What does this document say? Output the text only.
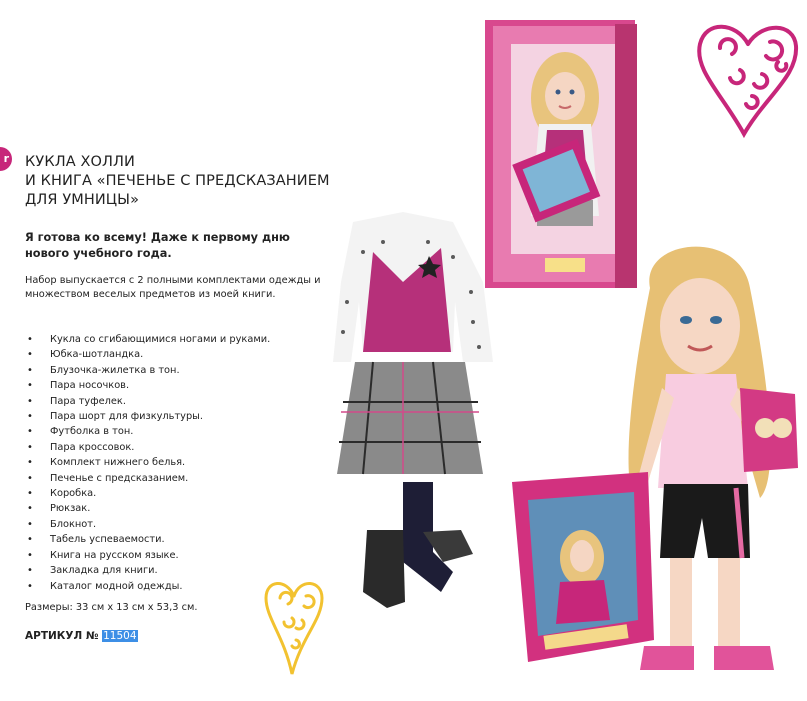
r КУКЛА ХОЛЛИ
И КНИГА «ПЕЧЕНЬЕ С ПРЕДСКАЗАНИЕМ
ДЛЯ УМНИЦЫ»
Я готова ко всему! Даже к первому дню нового учебного года.
Набор выпускается с 2 полными комплектами одежды и множеством веселых предметов из моей книги.
• Кукла со сгибающимися ногами и руками.
• Юбка-шотландка.
• Блузочка-жилетка в тон.
• Пара носочков.
• Пара туфелек.
• Пара шорт для физкультуры.
• Футболка в тон.
• Пара кроссовок.
• Комплект нижнего белья.
• Печенье с предсказанием.
• Коробка.
• Рюкзак.
• Блокнот.
• Табель успеваемости.
• Книга на русском языке.
• Закладка для книги.
• Каталог модной одежды.
Размеры: 33 см х 13 см х 53,3 см.
АРТИКУЛ № 11504
